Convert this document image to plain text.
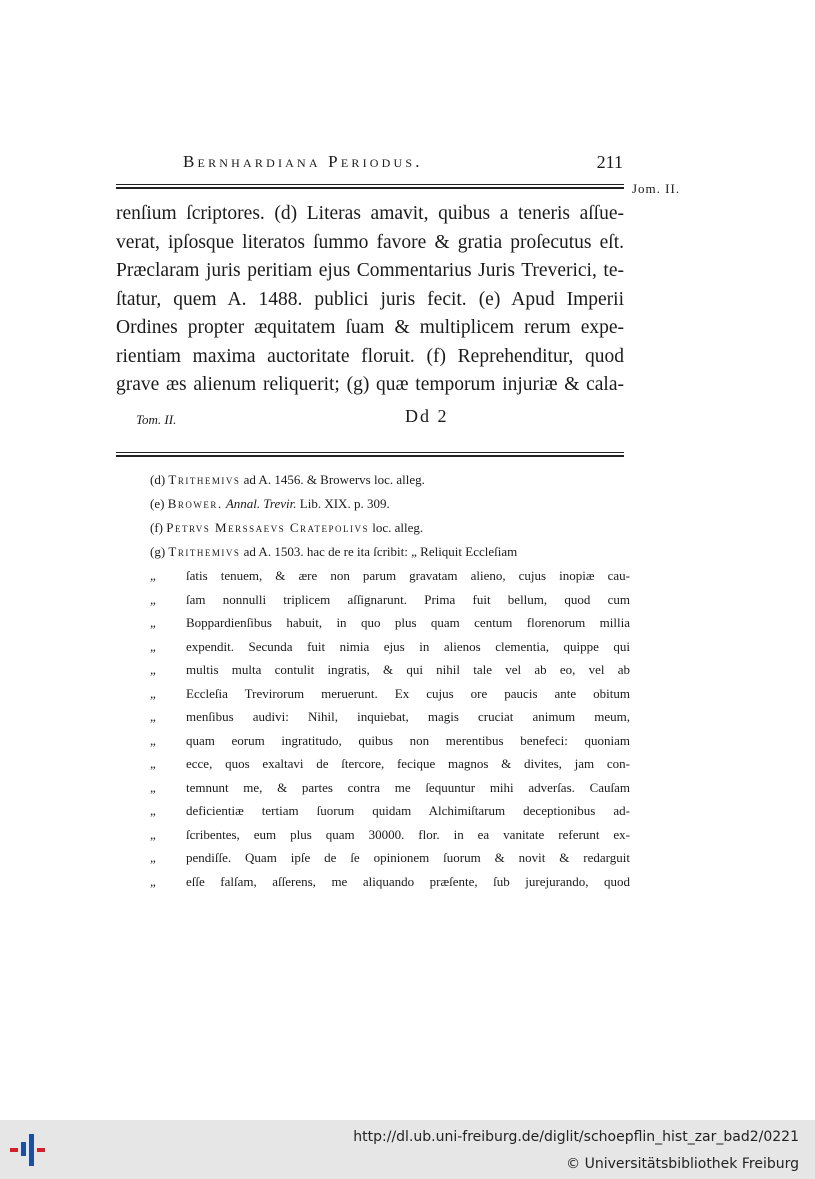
Bernhardiana Periodus.	211
Jom. II.
renſium ſcriptores. (d) Literas amavit, quibus a teneris aſſue-
verat, ipſosque literatos ſummo favore & gratia proſecutus eſt.
Præclaram juris peritiam ejus Commentarius Juris Treverici, te-
ſtatur, quem A. 1488. publici juris fecit. (e) Apud Imperii
Ordines propter æquitatem ſuam & multiplicem rerum expe-
rientiam maxima auctoritate floruit. (f) Reprehenditur, quod
grave æs alienum reliquerit; (g) quæ temporum injuriæ & cala-
Tom. II.	Dd 2
(d) Trithemivs ad A. 1456. & Browervs loc. alleg.
(e) Brower. Annal. Trevir. Lib. XIX. p. 309.
(f) Petrvs Merssaevs Cratepolivs loc. alleg.
(g) Trithemivs ad A. 1503. hac de re ita ſcribit: „ Reliquit Eccleſiam
„ ſatis tenuem, & ære non parum gravatam alieno, cujus inopiæ cau-
„ ſam nonnulli triplicem aſſignarunt. Prima fuit bellum, quod cum
„ Boppardienſibus habuit, in quo plus quam centum florenorum millia
„ expendit. Secunda fuit nimia ejus in alienos clementia, quippe qui
„ multis multa contulit ingratis, & qui nihil tale vel ab eo, vel ab
„ Eccleſia Trevirorum meruerunt. Ex cujus ore paucis ante obitum
„ menſibus audivi: Nihil, inquiebat, magis cruciat animum meum,
„ quam eorum ingratitudo, quibus non merentibus benefeci: quoniam
„ ecce, quos exaltavi de ſtercore, fecique magnos & divites, jam con-
„ temnunt me, & partes contra me ſequuntur mihi adverſas. Cauſam
„ deficientiæ tertiam ſuorum quidam Alchimiſtarum deceptionibus ad-
„ ſcribentes, eum plus quam 30000. flor. in ea vanitate referunt ex-
„ pendiſſe. Quam ipſe de ſe opinionem ſuorum & novit & redarguit
„ eſſe falſam, aſſerens, me aliquando præſente, ſub jurejurando, quod
http://dl.ub.uni-freiburg.de/diglit/schoepflin_hist_zar_bad2/0221
© Universitätsbibliothek Freiburg
